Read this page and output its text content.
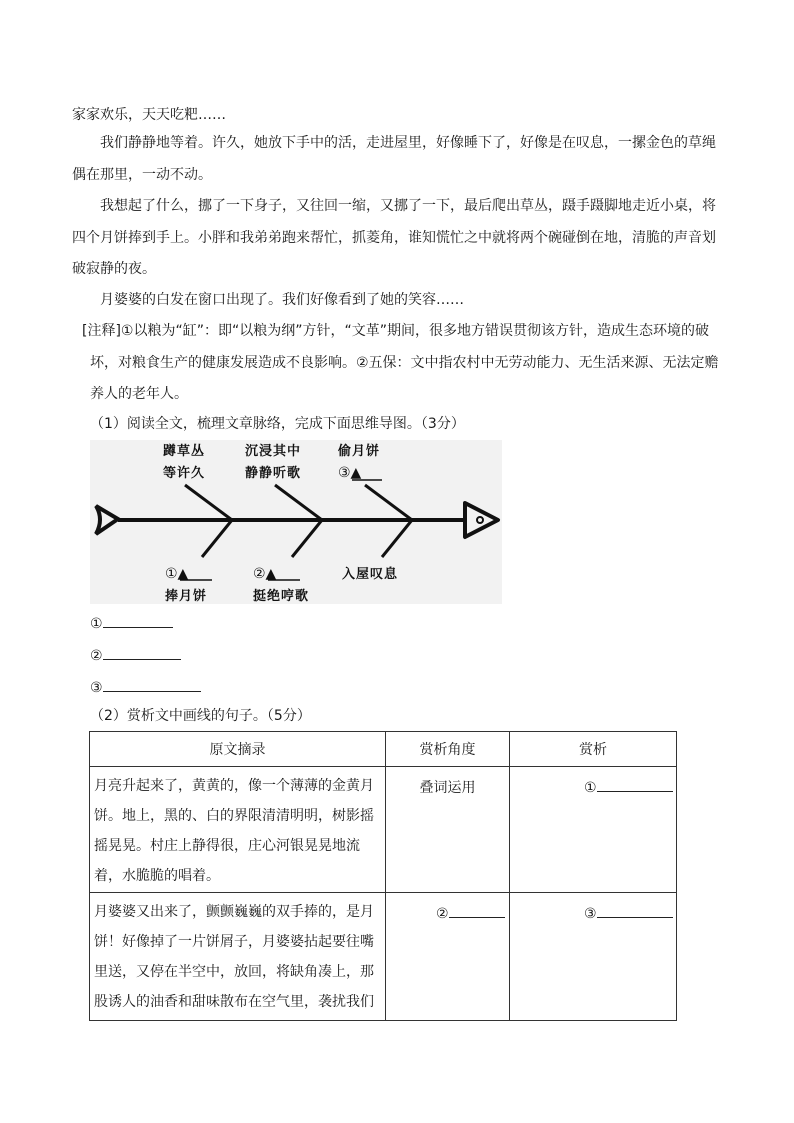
家家欢乐，天天吃粑……

我们静静地等着。许久，她放下手中的活，走进屋里，好像睡下了，好像是在叹息，一摞金色的草绳偶在那里，一动不动。

我想起了什么，挪了一下身子，又往回一缩，又挪了一下，最后爬出草丛，蹑手蹑脚地走近小桌，将四个月饼捧到手上。小胖和我弟弟跑来帮忙，抓菱角，谁知慌忙之中就将两个碗碰倒在地，清脆的声音划破寂静的夜。

月婆婆的白发在窗口出现了。我们好像看到了她的笑容……

[注释]①以粮为“缸”：即“以粮为纲”方针，“文革”期间，很多地方错误贯彻该方针，造成生态环境的破坏，对粮食生产的健康发展造成不良影响。②五保：文中指农村中无劳动能力、无生活来源、无法定赡养人的老年人。

（1）阅读全文，梳理文章脉络，完成下面思维导图。（3分）

蹲草丛
等许久
沉浸其中
静静听歌
偷月饼
③▲
①▲
捧月饼
②▲
挺绝哼歌
入屋叹息

①

②

③

（2）赏析文中画线的句子。（5分）

原文摘录	赏析角度	赏析

月亮升起来了，黄黄的，像一个薄薄的金黄月饼。地上，黑的、白的界限清清明明，树影摇摇晃晃。村庄上静得很，庄心河银晃晃地流着，水脆脆的唱着。	叠词运用	①

月婆婆又出来了，颤颤巍巍的双手捧的，是月饼！好像掉了一片饼屑子，月婆婆拈起要往嘴里送，又停在半空中，放回，将缺角凑上，那股诱人的油香和甜味散布在空气里，袭扰我们	②	③
